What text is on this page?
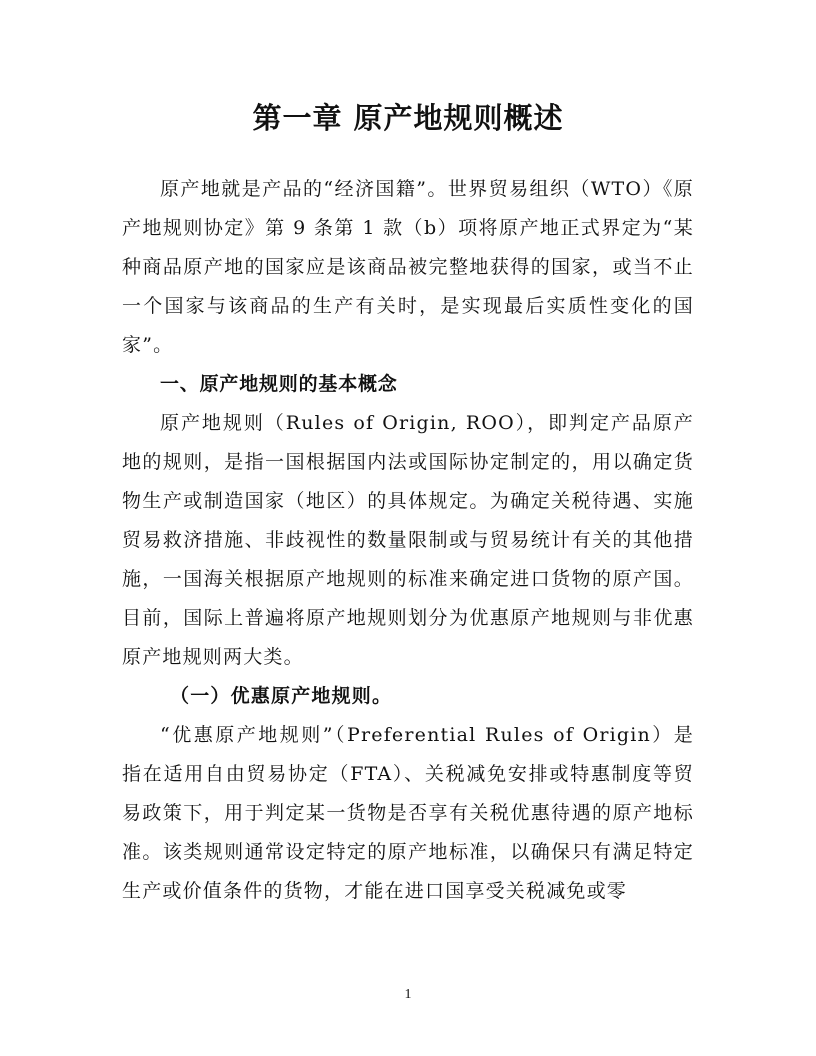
第一章 原产地规则概述

原产地就是产品的“经济国籍”。世界贸易组织（WTO）《原产地规则协定》第 9 条第 1 款（b）项将原产地正式界定为“某种商品原产地的国家应是该商品被完整地获得的国家，或当不止一个国家与该商品的生产有关时，是实现最后实质性变化的国家”。

一、原产地规则的基本概念

原产地规则（Rules of Origin, ROO），即判定产品原产地的规则，是指一国根据国内法或国际协定制定的，用以确定货物生产或制造国家（地区）的具体规定。为确定关税待遇、实施贸易救济措施、非歧视性的数量限制或与贸易统计有关的其他措施，一国海关根据原产地规则的标准来确定进口货物的原产国。目前，国际上普遍将原产地规则划分为优惠原产地规则与非优惠原产地规则两大类。

（一）优惠原产地规则。

“优惠原产地规则”（Preferential Rules of Origin）是指在适用自由贸易协定（FTA）、关税减免安排或特惠制度等贸易政策下，用于判定某一货物是否享有关税优惠待遇的原产地标准。该类规则通常设定特定的原产地标准，以确保只有满足特定生产或价值条件的货物，才能在进口国享受关税减免或零

1
